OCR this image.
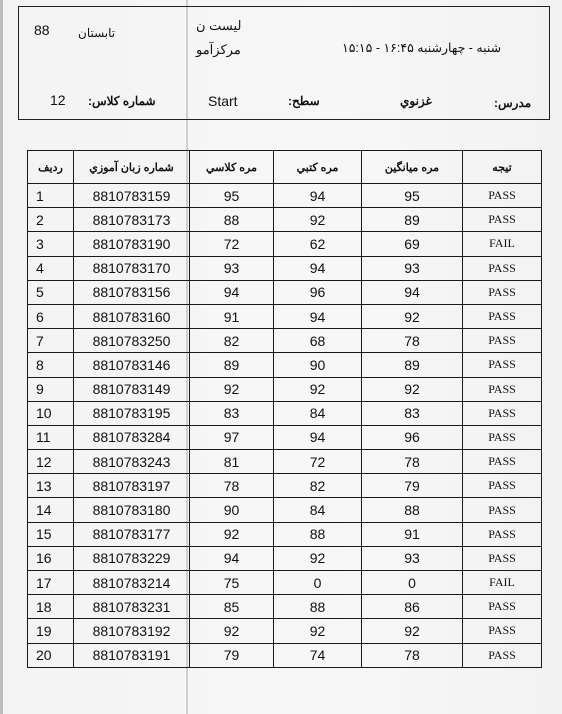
88 تابستان	لیست ن
مرکزآمو	شنبه - چهارشنبه ۱۶:۴۵ - ۱۵:۱۵
12 شماره کلاس:	Start	سطح:	غزنوي	مدرس:
رديف	شماره زبان آموزي	مره كلاسي	مره كتبي	مره ميانگين	تيجه
1	8810783159	95	94	95	PASS
2	8810783173	88	92	89	PASS
3	8810783190	72	62	69	FAIL
4	8810783170	93	94	93	PASS
5	8810783156	94	96	94	PASS
6	8810783160	91	94	92	PASS
7	8810783250	82	68	78	PASS
8	8810783146	89	90	89	PASS
9	8810783149	92	92	92	PASS
10	8810783195	83	84	83	PASS
11	8810783284	97	94	96	PASS
12	8810783243	81	72	78	PASS
13	8810783197	78	82	79	PASS
14	8810783180	90	84	88	PASS
15	8810783177	92	88	91	PASS
16	8810783229	94	92	93	PASS
17	8810783214	75	0	0	FAIL
18	8810783231	85	88	86	PASS
19	8810783192	92	92	92	PASS
20	8810783191	79	74	78	PASS
